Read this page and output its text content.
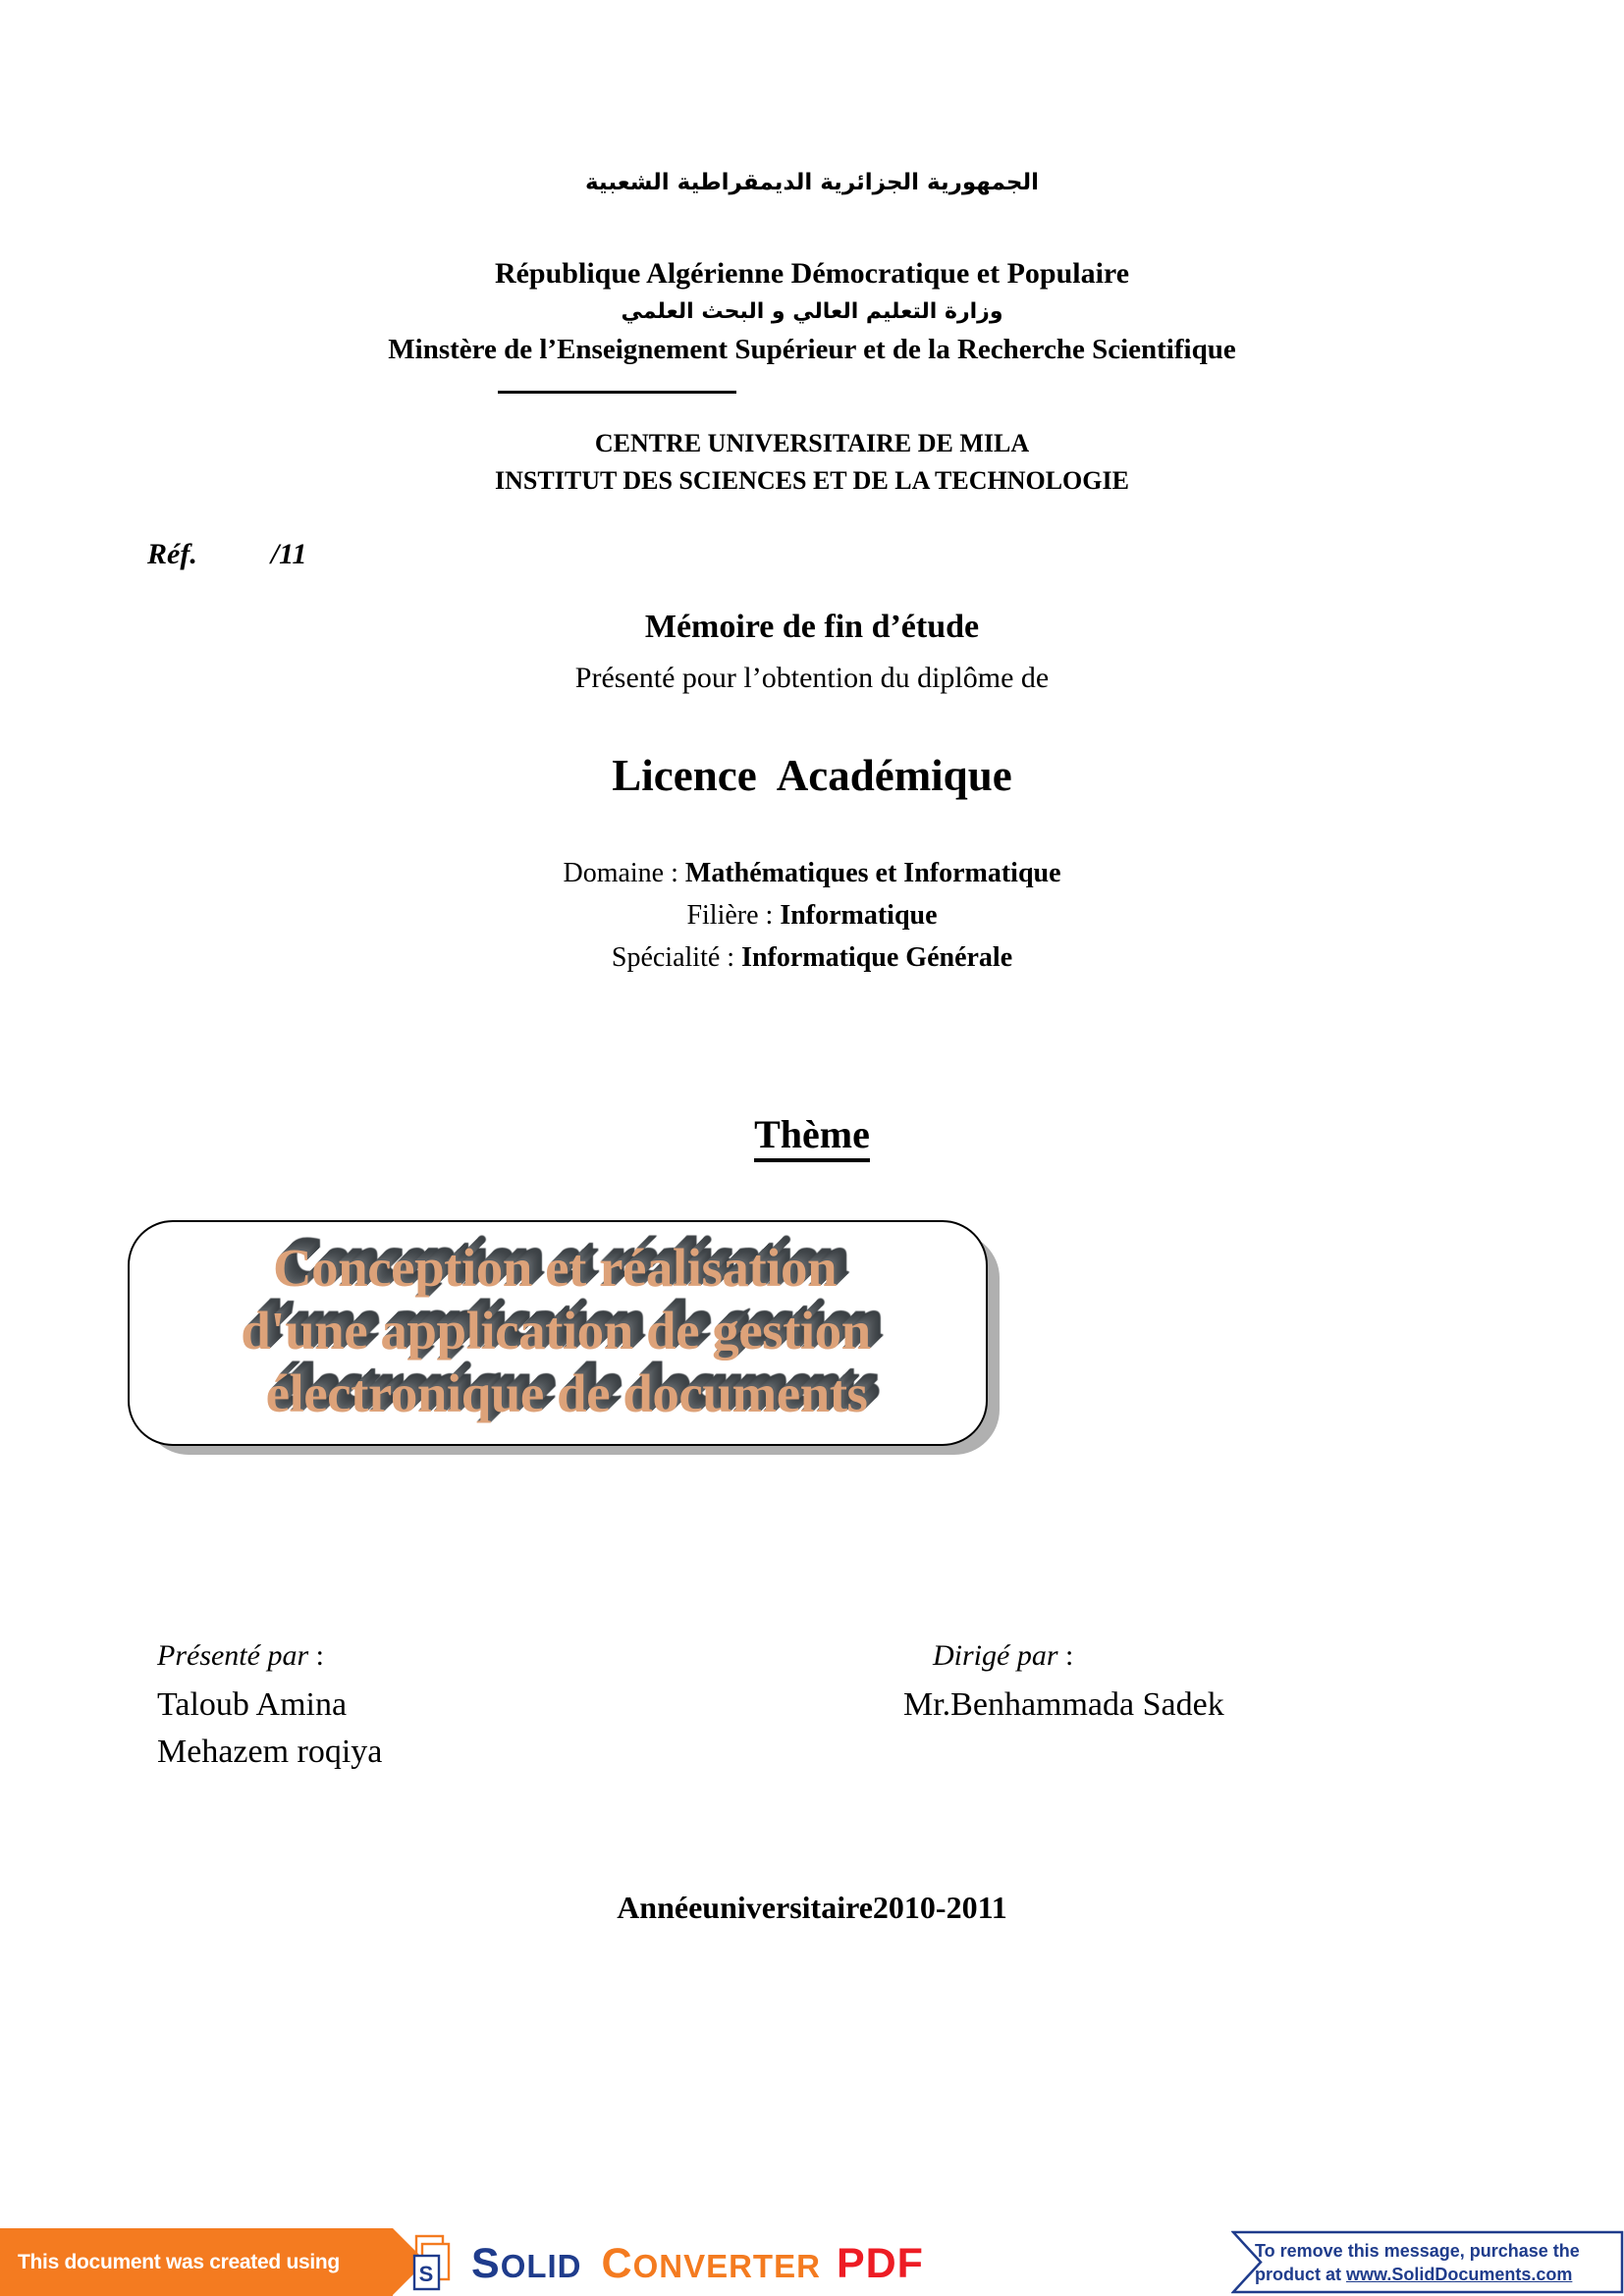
الجمهورية الجزائرية الديمقراطية الشعبية
République Algérienne Démocratique et Populaire
وزارة التعليم العالي و البحث العلمي
Minstère de l’Enseignement Supérieur et de la Recherche Scientifique
CENTRE UNIVERSITAIRE DE MILA
INSTITUT DES SCIENCES ET DE LA TECHNOLOGIE
Réf.          /11
Mémoire de fin d’étude
Présenté pour l’obtention du diplôme de
Licence  Académique
Domaine : Mathématiques et Informatique
Filière : Informatique
Spécialité : Informatique Générale
Thème
Conception et réalisation
d'une application de gestion
électronique de documents
Présenté par :	Dirigé par :
Taloub Amina
Mehazem roqiya
Mr.Benhammada Sadek
Annéeuniversitaire2010-2011
This document was created using	S SOLID CONVERTER PDF	To remove this message, purchase the
product at www.SolidDocuments.com
